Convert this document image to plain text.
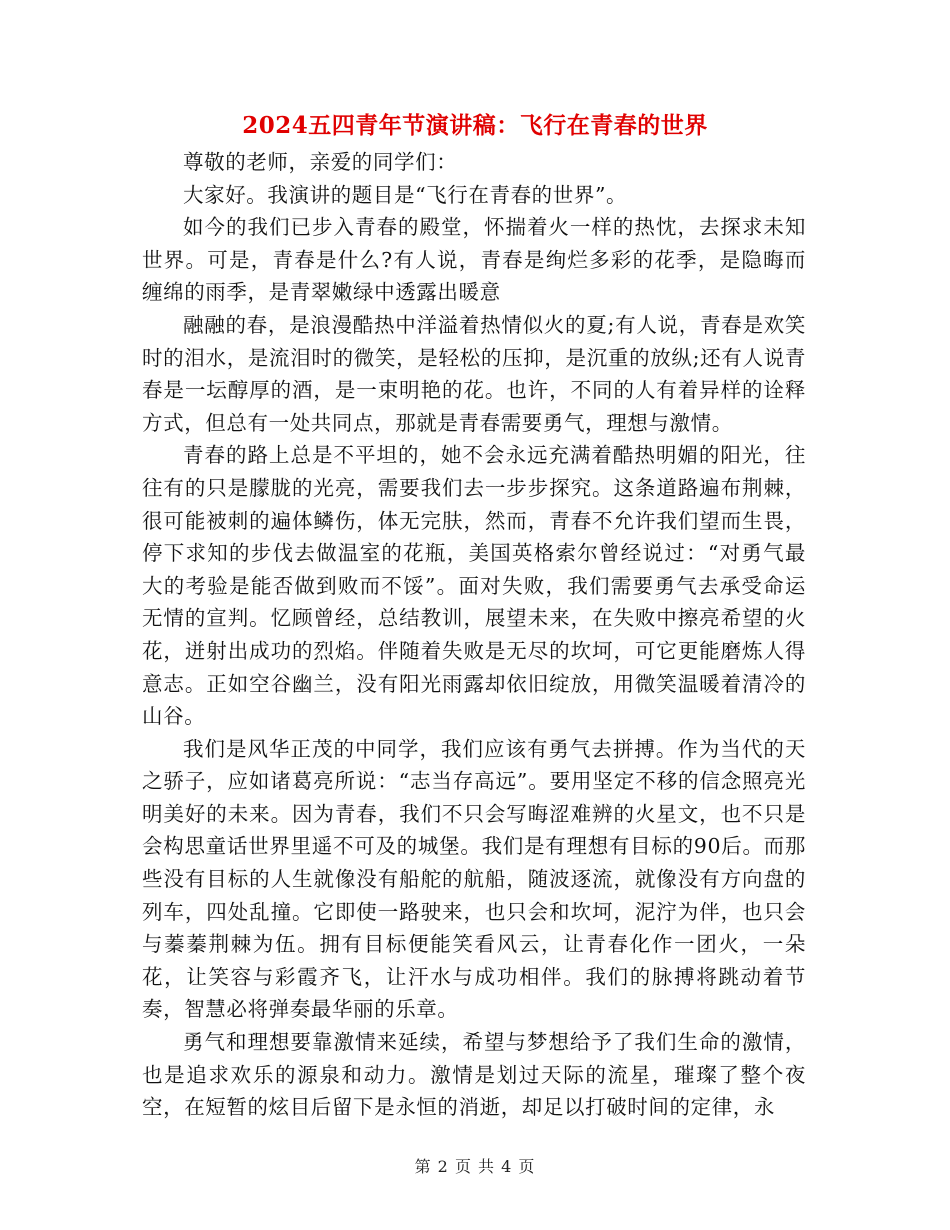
2024五四青年节演讲稿：飞行在青春的世界

尊敬的老师，亲爱的同学们：

大家好。我演讲的题目是“飞行在青春的世界”。

如今的我们已步入青春的殿堂，怀揣着火一样的热忱，去探求未知世界。可是，青春是什么?有人说，青春是绚烂多彩的花季，是隐晦而缠绵的雨季，是青翠嫩绿中透露出暖意

融融的春，是浪漫酷热中洋溢着热情似火的夏;有人说，青春是欢笑时的泪水，是流泪时的微笑，是轻松的压抑，是沉重的放纵;还有人说青春是一坛醇厚的酒，是一束明艳的花。也许，不同的人有着异样的诠释方式，但总有一处共同点，那就是青春需要勇气，理想与激情。

青春的路上总是不平坦的，她不会永远充满着酷热明媚的阳光，往往有的只是朦胧的光亮，需要我们去一步步探究。这条道路遍布荆棘，很可能被刺的遍体鳞伤，体无完肤，然而，青春不允许我们望而生畏，停下求知的步伐去做温室的花瓶，美国英格索尔曾经说过：“对勇气最大的考验是能否做到败而不馁”。面对失败，我们需要勇气去承受命运无情的宣判。忆顾曾经，总结教训，展望未来，在失败中擦亮希望的火花，迸射出成功的烈焰。伴随着失败是无尽的坎坷，可它更能磨炼人得意志。正如空谷幽兰，没有阳光雨露却依旧绽放，用微笑温暖着清冷的山谷。

我们是风华正茂的中同学，我们应该有勇气去拼搏。作为当代的天之骄子，应如诸葛亮所说：“志当存高远”。要用坚定不移的信念照亮光明美好的未来。因为青春，我们不只会写晦涩难辨的火星文，也不只是会构思童话世界里遥不可及的城堡。我们是有理想有目标的90后。而那些没有目标的人生就像没有船舵的航船，随波逐流，就像没有方向盘的列车，四处乱撞。它即使一路驶来，也只会和坎坷，泥泞为伴，也只会与蓁蓁荆棘为伍。拥有目标便能笑看风云，让青春化作一团火，一朵花，让笑容与彩霞齐飞，让汗水与成功相伴。我们的脉搏将跳动着节奏，智慧必将弹奏最华丽的乐章。

勇气和理想要靠激情来延续，希望与梦想给予了我们生命的激情，也是追求欢乐的源泉和动力。激情是划过天际的流星，璀璨了整个夜空，在短暂的炫目后留下是永恒的消逝，却足以打破时间的定律，永

第 2 页 共 4 页
